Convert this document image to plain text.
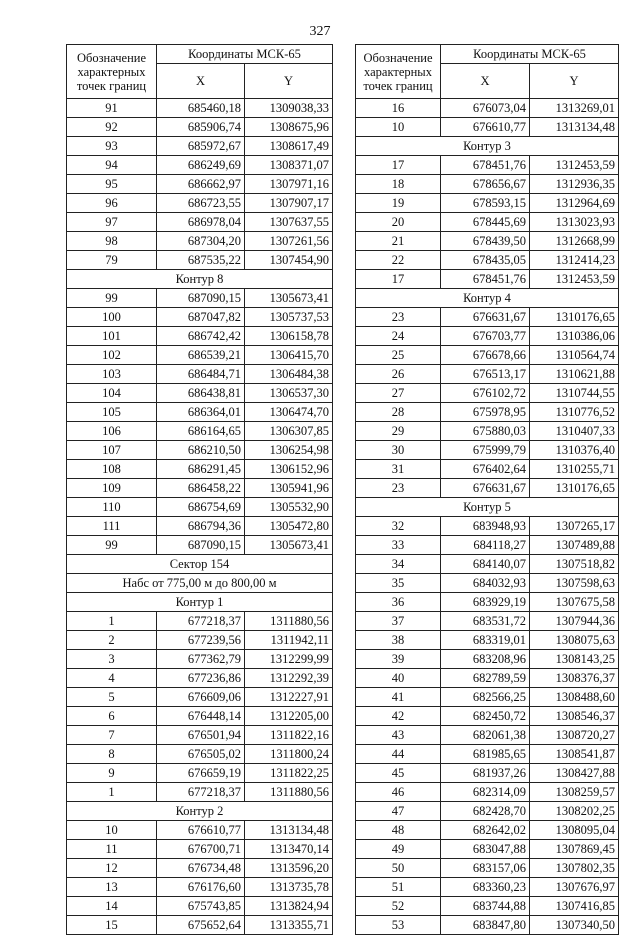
327
Обозначение характерных точек границ	Координаты МСК-65	
	X	Y
91	685460,18	1309038,33
92	685906,74	1308675,96
93	685972,67	1308617,49
94	686249,69	1308371,07
95	686662,97	1307971,16
96	686723,55	1307907,17
97	686978,04	1307637,55
98	687304,20	1307261,56
79	687535,22	1307454,90
Контур 8		
99	687090,15	1305673,41
100	687047,82	1305737,53
101	686742,42	1306158,78
102	686539,21	1306415,70
103	686484,71	1306484,38
104	686438,81	1306537,30
105	686364,01	1306474,70
106	686164,65	1306307,85
107	686210,50	1306254,98
108	686291,45	1306152,96
109	686458,22	1305941,96
110	686754,69	1305532,90
111	686794,36	1305472,80
99	687090,15	1305673,41
Сектор 154		
Набс от 775,00 м до 800,00 м		
Контур 1		
1	677218,37	1311880,56
2	677239,56	1311942,11
3	677362,79	1312299,99
4	677236,86	1312292,39
5	676609,06	1312227,91
6	676448,14	1312205,00
7	676501,94	1311822,16
8	676505,02	1311800,24
9	676659,19	1311822,25
1	677218,37	1311880,56
Контур 2		
10	676610,77	1313134,48
11	676700,71	1313470,14
12	676734,48	1313596,20
13	676176,60	1313735,78
14	675743,85	1313824,94
15	675652,64	1313355,71
Обозначение характерных точек границ	Координаты МСК-65	
	X	Y
16	676073,04	1313269,01
10	676610,77	1313134,48
Контур 3		
17	678451,76	1312453,59
18	678656,67	1312936,35
19	678593,15	1312964,69
20	678445,69	1313023,93
21	678439,50	1312668,99
22	678435,05	1312414,23
17	678451,76	1312453,59
Контур 4		
23	676631,67	1310176,65
24	676703,77	1310386,06
25	676678,66	1310564,74
26	676513,17	1310621,88
27	676102,72	1310744,55
28	675978,95	1310776,52
29	675880,03	1310407,33
30	675999,79	1310376,40
31	676402,64	1310255,71
23	676631,67	1310176,65
Контур 5		
32	683948,93	1307265,17
33	684118,27	1307489,88
34	684140,07	1307518,82
35	684032,93	1307598,63
36	683929,19	1307675,58
37	683531,72	1307944,36
38	683319,01	1308075,63
39	683208,96	1308143,25
40	682789,59	1308376,37
41	682566,25	1308488,60
42	682450,72	1308546,37
43	682061,38	1308720,27
44	681985,65	1308541,87
45	681937,26	1308427,88
46	682314,09	1308259,57
47	682428,70	1308202,25
48	682642,02	1308095,04
49	683047,88	1307869,45
50	683157,06	1307802,35
51	683360,23	1307676,97
52	683744,88	1307416,85
53	683847,80	1307340,50
